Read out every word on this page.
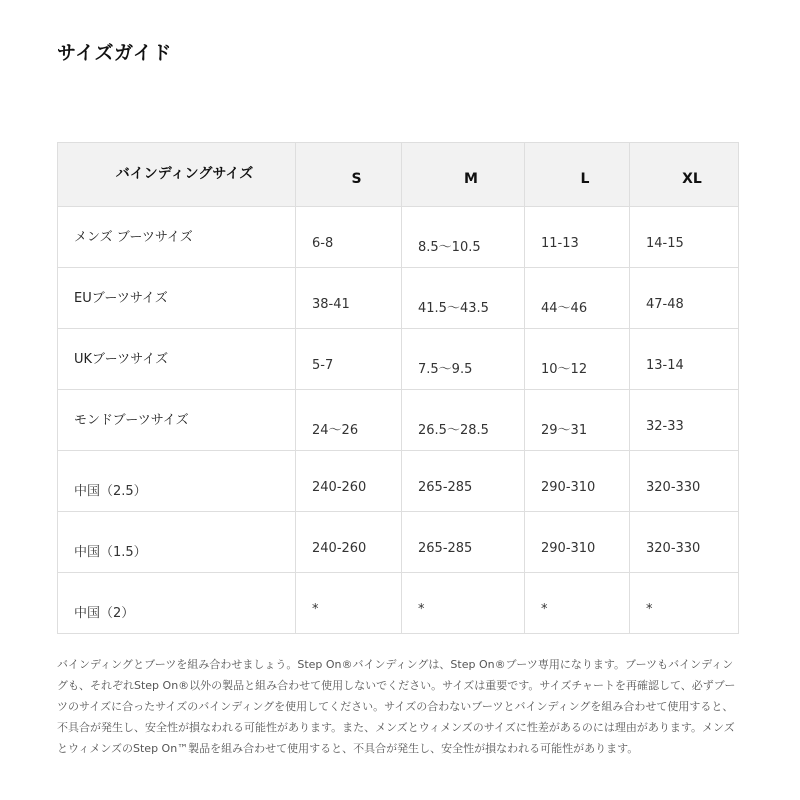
サイズガイド
バインディングサイズ	S	M	L	XL

メンズ ブーツサイズ	6-8	8.5〜10.5	11-13	14-15

EUブーツサイズ	38-41	41.5〜43.5	44〜46	47-48

UKブーツサイズ	5-7	7.5〜9.5	10〜12	13-14

モンドブーツサイズ	24〜26	26.5〜28.5	29〜31	32-33

中国（2.5）	240-260	265-285	290-310	320-330

中国（1.5）	240-260	265-285	290-310	320-330

中国（2）	*	*	*	*

バインディングとブーツを組み合わせましょう。Step On®バインディングは、Step On®ブーツ専用になります。ブーツもバインディングも、それぞれStep On®以外の製品と組み合わせて使用しないでください。サイズは重要です。サイズチャートを再確認して、必ずブーツのサイズに合ったサイズのバインディングを使用してください。サイズの合わないブーツとバインディングを組み合わせて使用すると、不具合が発生し、安全性が損なわれる可能性があります。また、メンズとウィメンズのサイズに性差があるのには理由があります。メンズとウィメンズのStep On™製品を組み合わせて使用すると、不具合が発生し、安全性が損なわれる可能性があります。
